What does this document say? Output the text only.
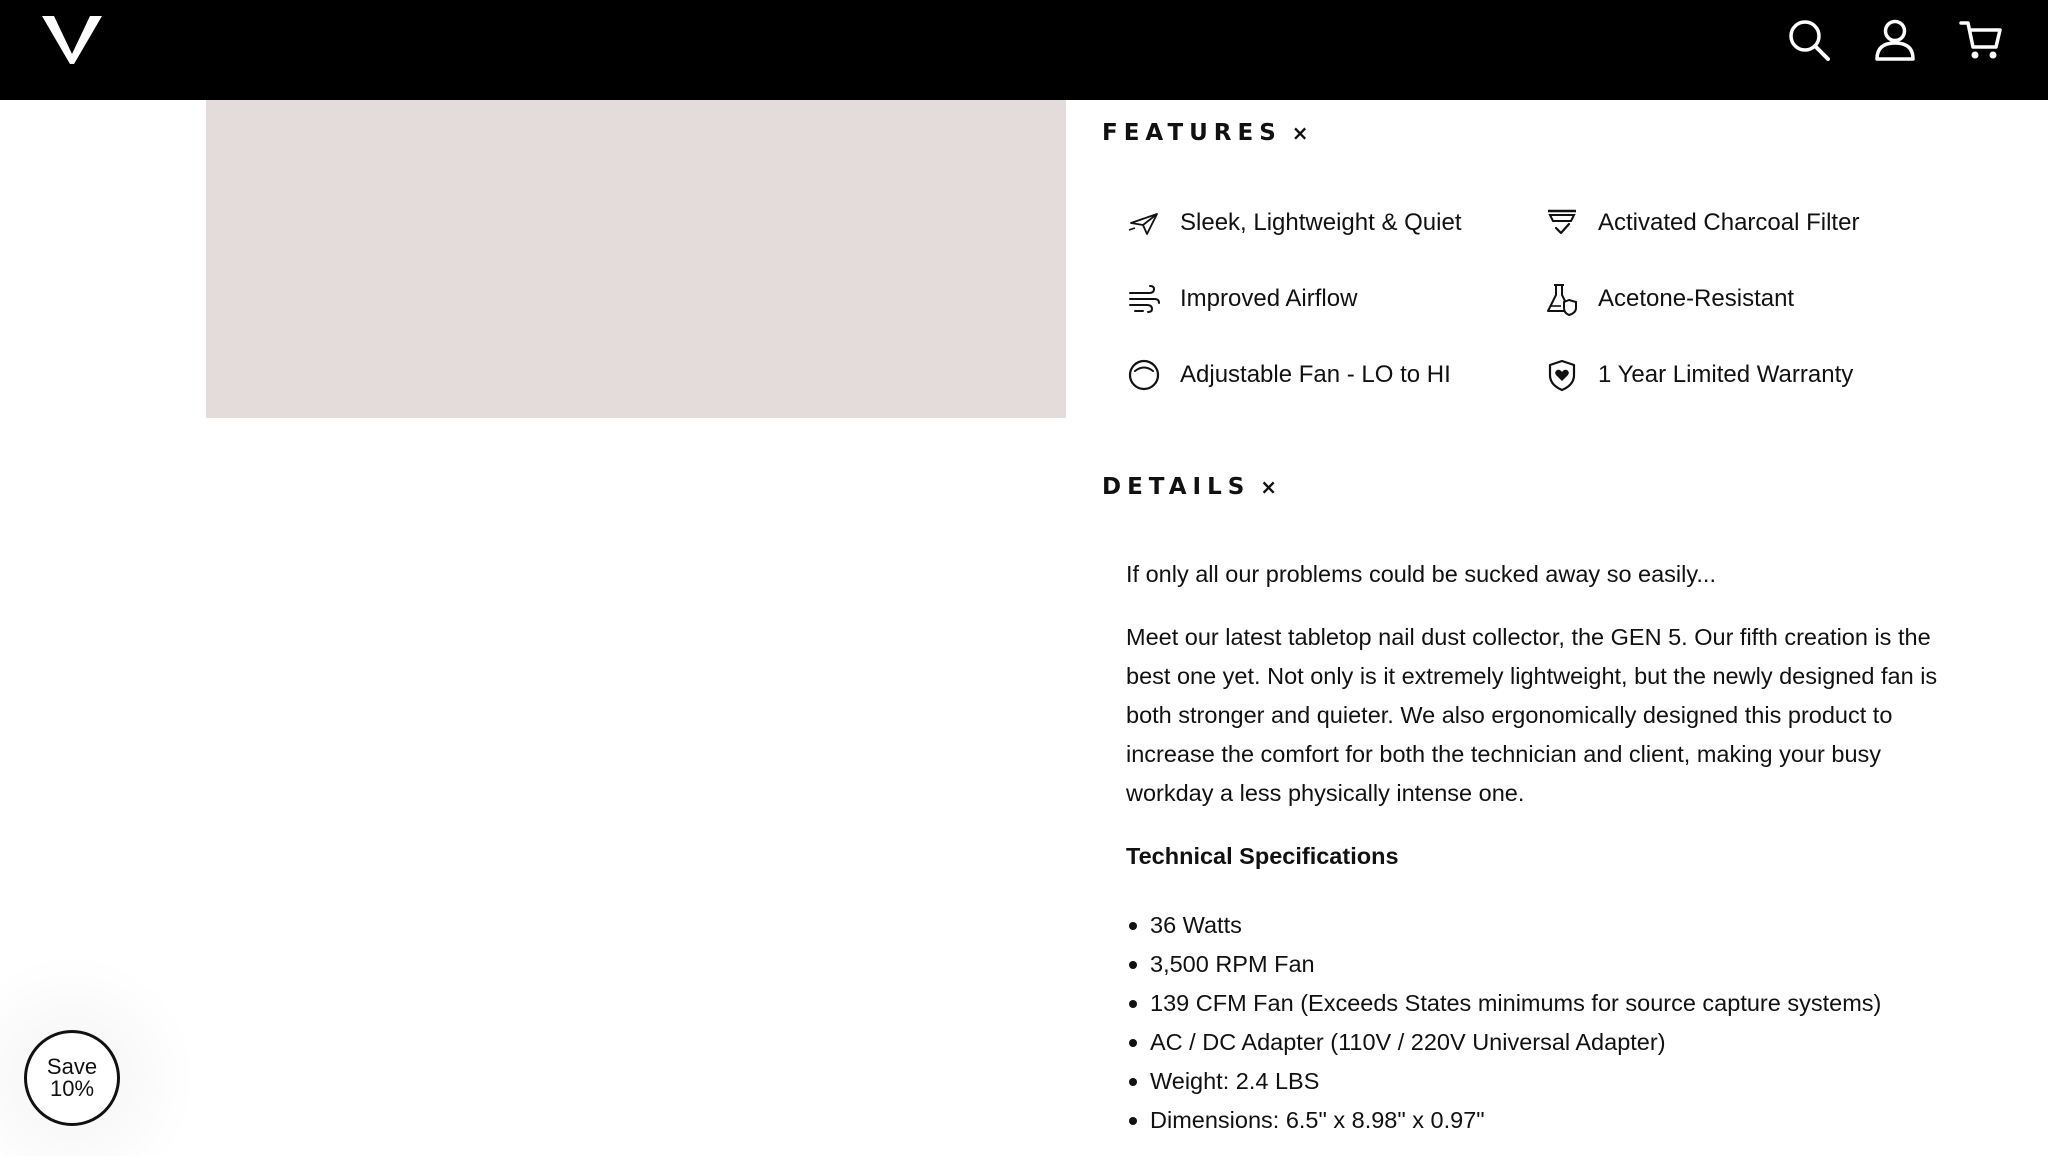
FEATURES ×
Sleek, Lightweight & Quiet	Activated Charcoal Filter
Improved Airflow	Acetone-Resistant
Adjustable Fan - LO to HI	1 Year Limited Warranty
DETAILS ×

If only all our problems could be sucked away so easily...

Meet our latest tabletop nail dust collector, the GEN 5. Our fifth creation is the best one yet. Not only is it extremely lightweight, but the newly designed fan is both stronger and quieter. We also ergonomically designed this product to increase the comfort for both the technician and client, making your busy workday a less physically intense one.

Technical Specifications

36 Watts
3,500 RPM Fan
139 CFM Fan (Exceeds States minimums for source capture systems)
AC / DC Adapter (110V / 220V Universal Adapter)
Weight: 2.4 LBS
Dimensions: 6.5" x 8.98" x 0.97"
Save
10%
